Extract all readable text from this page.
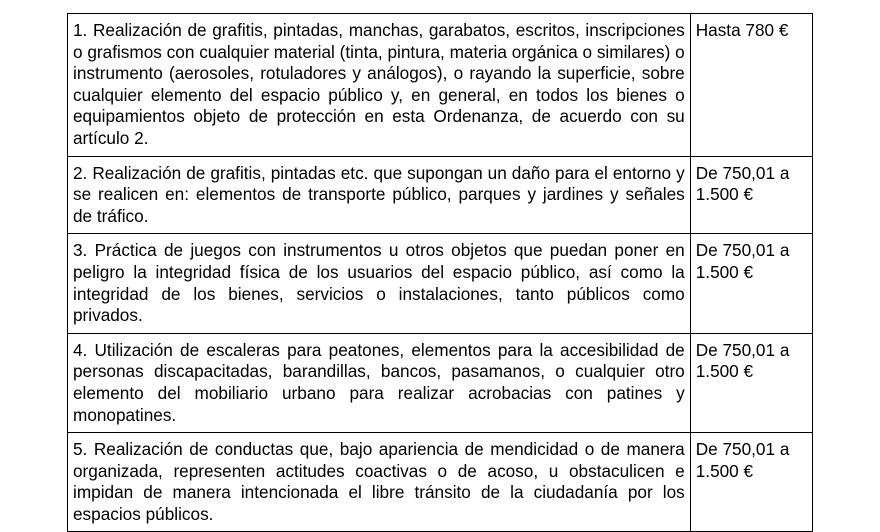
1. Realización de grafitis, pintadas, manchas, garabatos, escritos, inscripciones o grafismos con cualquier material (tinta, pintura, materia orgánica o similares) o instrumento (aerosoles, rotuladores y análogos), o rayando la superficie, sobre cualquier elemento del espacio público y, en general, en todos los bienes o equipamientos objeto de protección en esta Ordenanza, de acuerdo con su artículo 2.	Hasta 780 €
2. Realización de grafitis, pintadas etc. que supongan un daño para el entorno y se realicen en: elementos de transporte público, parques y jardines y señales de tráfico.	De 750,01 a 1.500 €
3. Práctica de juegos con instrumentos u otros objetos que puedan poner en peligro la integridad física de los usuarios del espacio público, así como la integridad de los bienes, servicios o instalaciones, tanto públicos como privados.	De 750,01 a 1.500 €
4. Utilización de escaleras para peatones, elementos para la accesibilidad de personas discapacitadas, barandillas, bancos, pasamanos, o cualquier otro elemento del mobiliario urbano para realizar acrobacias con patines y monopatines.	De 750,01 a 1.500 €
5. Realización de conductas que, bajo apariencia de mendicidad o de manera organizada, representen actitudes coactivas o de acoso, u obstaculicen e impidan de manera intencionada el libre tránsito de la ciudadanía por los espacios públicos.	De 750,01 a 1.500 €
